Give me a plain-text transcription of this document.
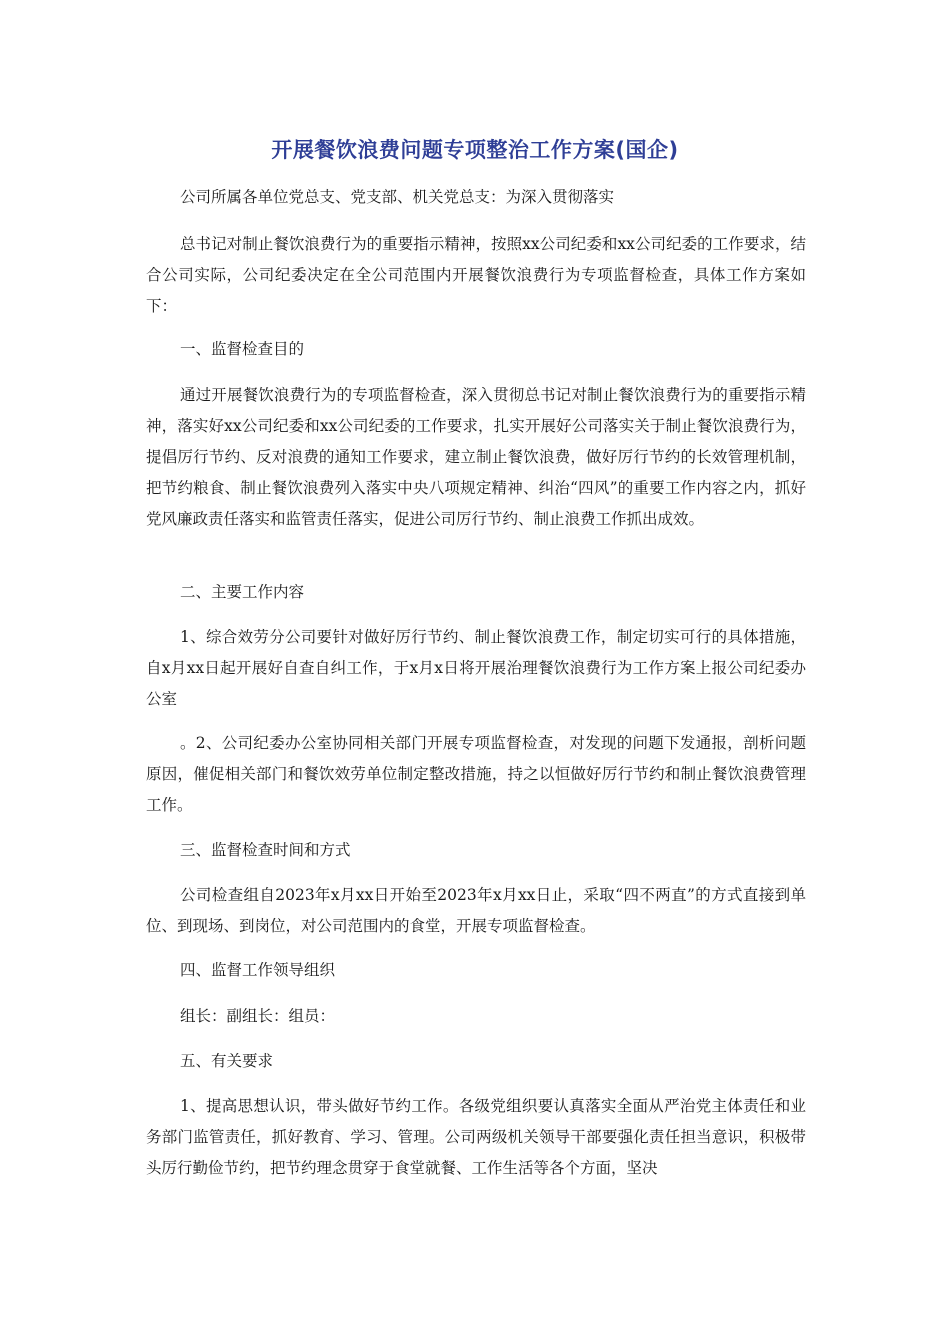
开展餐饮浪费问题专项整治工作方案(国企)
公司所属各单位党总支、党支部、机关党总支：为深入贯彻落实
总书记对制止餐饮浪费行为的重要指示精神，按照xx公司纪委和xx公司纪委的工作要求，结合公司实际，公司纪委决定在全公司范围内开展餐饮浪费行为专项监督检查，具体工作方案如下：
一、监督检查目的
通过开展餐饮浪费行为的专项监督检查，深入贯彻总书记对制止餐饮浪费行为的重要指示精神，落实好xx公司纪委和xx公司纪委的工作要求，扎实开展好公司落实关于制止餐饮浪费行为，提倡厉行节约、反对浪费的通知工作要求，建立制止餐饮浪费，做好厉行节约的长效管理机制，把节约粮食、制止餐饮浪费列入落实中央八项规定精神、纠治“四风”的重要工作内容之内，抓好党风廉政责任落实和监管责任落实，促进公司厉行节约、制止浪费工作抓出成效。
二、主要工作内容
1、综合效劳分公司要针对做好厉行节约、制止餐饮浪费工作，制定切实可行的具体措施，自x月xx日起开展好自查自纠工作，于x月x日将开展治理餐饮浪费行为工作方案上报公司纪委办公室
。2、公司纪委办公室协同相关部门开展专项监督检查，对发现的问题下发通报，剖析问题原因，催促相关部门和餐饮效劳单位制定整改措施，持之以恒做好厉行节约和制止餐饮浪费管理工作。
三、监督检查时间和方式
公司检查组自2023年x月xx日开始至2023年x月xx日止，采取“四不两直”的方式直接到单位、到现场、到岗位，对公司范围内的食堂，开展专项监督检查。
四、监督工作领导组织
组长：副组长：组员：
五、有关要求
1、提高思想认识，带头做好节约工作。各级党组织要认真落实全面从严治党主体责任和业务部门监管责任，抓好教育、学习、管理。公司两级机关领导干部要强化责任担当意识，积极带头厉行勤俭节约，把节约理念贯穿于食堂就餐、工作生活等各个方面，坚决
